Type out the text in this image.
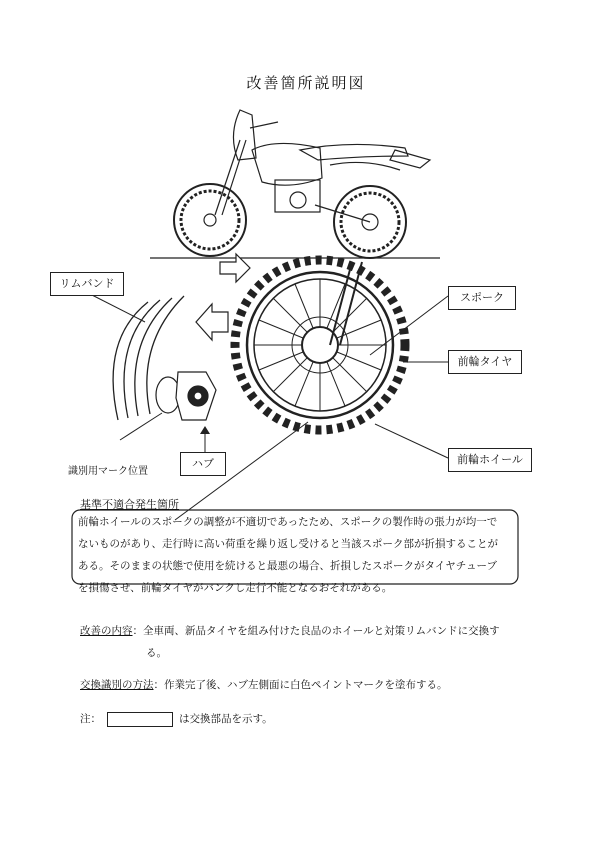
改善箇所説明図
リムバンド
スポーク
前輪タイヤ
前輪ホイール
ハブ
識別用マーク位置
基準不適合発生箇所
前輪ホイールのスポークの調整が不適切であったため、スポークの製作時の張力が均一で
ないものがあり、走行時に高い荷重を繰り返し受けると当該スポーク部が折損することが
ある。そのままの状態で使用を続けると最悪の場合、折損したスポークがタイヤチューブ
を損傷させ、前輪タイヤがパンクし走行不能となるおそれがある。
改善の内容：全車両、新品タイヤを組み付けた良品のホイールと対策リムバンドに交換す
る。
交換識別の方法：作業完了後、ハブ左側面に白色ペイントマークを塗布する。
注：	は交換部品を示す。
